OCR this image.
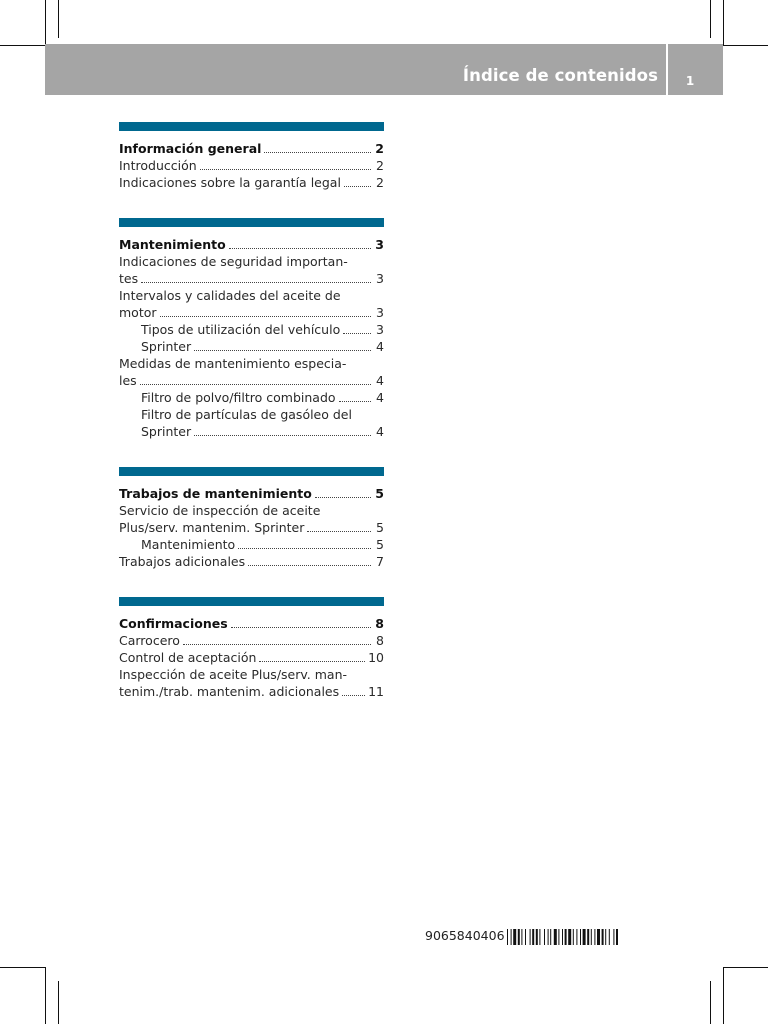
Índice de contenidos 1
Información general	2
Introducción	2
Indicaciones sobre la garantía legal	2
Mantenimiento	3
Indicaciones de seguridad importan-
tes	3
Intervalos y calidades del aceite de
motor	3
Tipos de utilización del vehículo	3
Sprinter	4
Medidas de mantenimiento especia-
les	4
Filtro de polvo/filtro combinado	4
Filtro de partículas de gasóleo del
Sprinter	4
Trabajos de mantenimiento	5
Servicio de inspección de aceite
Plus/serv. mantenim. Sprinter	5
Mantenimiento	5
Trabajos adicionales	7
Confirmaciones	8
Carrocero	8
Control de aceptación	10
Inspección de aceite Plus/serv. man-
tenim./trab. mantenim. adicionales 11
9065840406
